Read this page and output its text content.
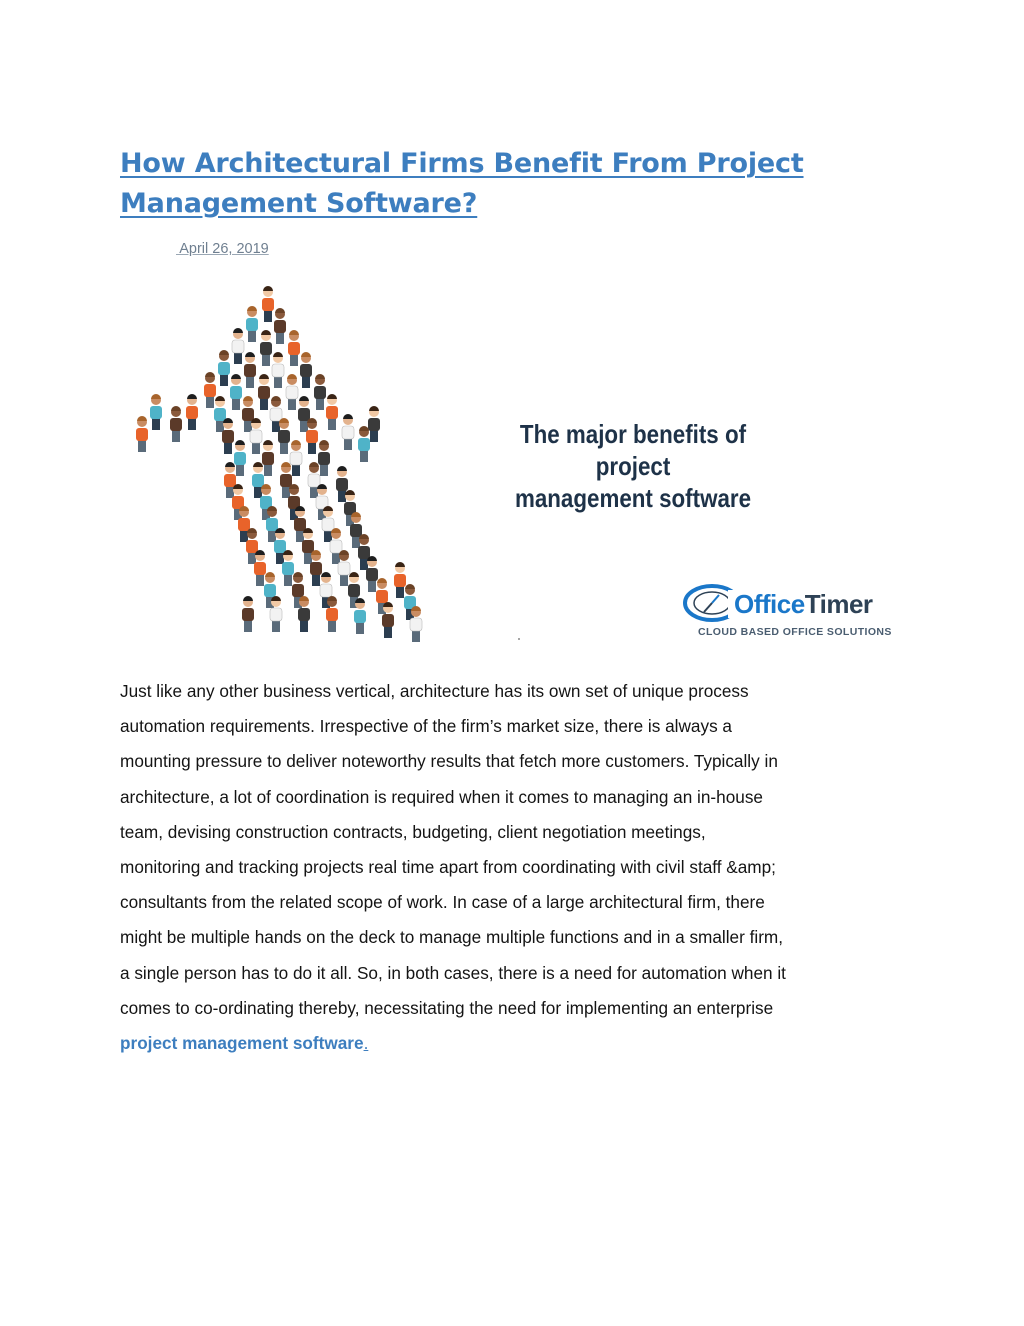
How Architectural Firms Benefit From Project
Management Software?
April 26, 2019
The major benefits of project
management software
OfficeTimer
CLOUD BASED OFFICE SOLUTIONS

Just like any other business vertical, architecture has its own set of unique process
automation requirements. Irrespective of the firm’s market size, there is always a
mounting pressure to deliver noteworthy results that fetch more customers. Typically in
architecture, a lot of coordination is required when it comes to managing an in-house
team, devising construction contracts, budgeting, client negotiation meetings,
monitoring and tracking projects real time apart from coordinating with civil staff &amp;
consultants from the related scope of work. In case of a large architectural firm, there
might be multiple hands on the deck to manage multiple functions and in a smaller firm,
a single person has to do it all. So, in both cases, there is a need for automation when it
comes to co-ordinating thereby, necessitating the need for implementing an enterprise
project management software.
